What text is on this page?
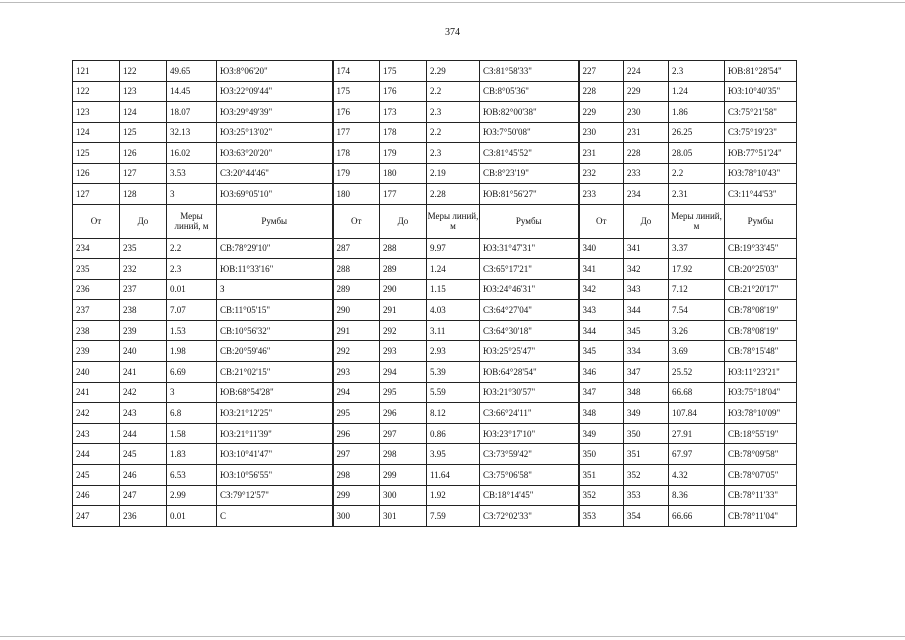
374
121	122	49.65	ЮЗ:8°06'20"	174	175	2.29	СЗ:81°58'33"	227	224	2.3	ЮВ:81°28'54"
122	123	14.45	ЮЗ:22°09'44"	175	176	2.2	СВ:8°05'36"	228	229	1.24	ЮЗ:10°40'35"
123	124	18.07	ЮЗ:29°49'39"	176	173	2.3	ЮВ:82°00'38"	229	230	1.86	СЗ:75°21'58"
124	125	32.13	ЮЗ:25°13'02"	177	178	2.2	ЮЗ:7°50'08"	230	231	26.25	СЗ:75°19'23"
125	126	16.02	ЮЗ:63°20'20"	178	179	2.3	СЗ:81°45'52"	231	228	28.05	ЮВ:77°51'24"
126	127	3.53	СЗ:20°44'46"	179	180	2.19	СВ:8°23'19"	232	233	2.2	ЮЗ:78°10'43"
127	128	3	ЮЗ:69°05'10"	180	177	2.28	ЮВ:81°56'27"	233	234	2.31	СЗ:11°44'53"
От	До	Меры линий, м	Румбы	От	До	Меры линий, м	Румбы	От	До	Меры линий, м	Румбы
234	235	2.2	СВ:78°29'10"	287	288	9.97	ЮЗ:31°47'31"	340	341	3.37	СВ:19°33'45"
235	232	2.3	ЮВ:11°33'16"	288	289	1.24	СЗ:65°17'21"	341	342	17.92	СВ:20°25'03"
236	237	0.01	З	289	290	1.15	ЮЗ:24°46'31"	342	343	7.12	СВ:21°20'17"
237	238	7.07	СВ:11°05'15"	290	291	4.03	СЗ:64°27'04"	343	344	7.54	СВ:78°08'19"
238	239	1.53	СВ:10°56'32"	291	292	3.11	СЗ:64°30'18"	344	345	3.26	СВ:78°08'19"
239	240	1.98	СВ:20°59'46"	292	293	2.93	ЮЗ:25°25'47"	345	334	3.69	СВ:78°15'48"
240	241	6.69	СВ:21°02'15"	293	294	5.39	ЮВ:64°28'54"	346	347	25.52	ЮЗ:11°23'21"
241	242	3	ЮВ:68°54'28"	294	295	5.59	ЮЗ:21°30'57"	347	348	66.68	ЮЗ:75°18'04"
242	243	6.8	ЮЗ:21°12'25"	295	296	8.12	СЗ:66°24'11"	348	349	107.84	ЮЗ:78°10'09"
243	244	1.58	ЮЗ:21°11'39"	296	297	0.86	ЮЗ:23°17'10"	349	350	27.91	СВ:18°55'19"
244	245	1.83	ЮЗ:10°41'47"	297	298	3.95	СЗ:73°59'42"	350	351	67.97	СВ:78°09'58"
245	246	6.53	ЮЗ:10°56'55"	298	299	11.64	СЗ:75°06'58"	351	352	4.32	СВ:78°07'05"
246	247	2.99	СЗ:79°12'57"	299	300	1.92	СВ:18°14'45"	352	353	8.36	СВ:78°11'33"
247	236	0.01	С	300	301	7.59	СЗ:72°02'33"	353	354	66.66	СВ:78°11'04"
